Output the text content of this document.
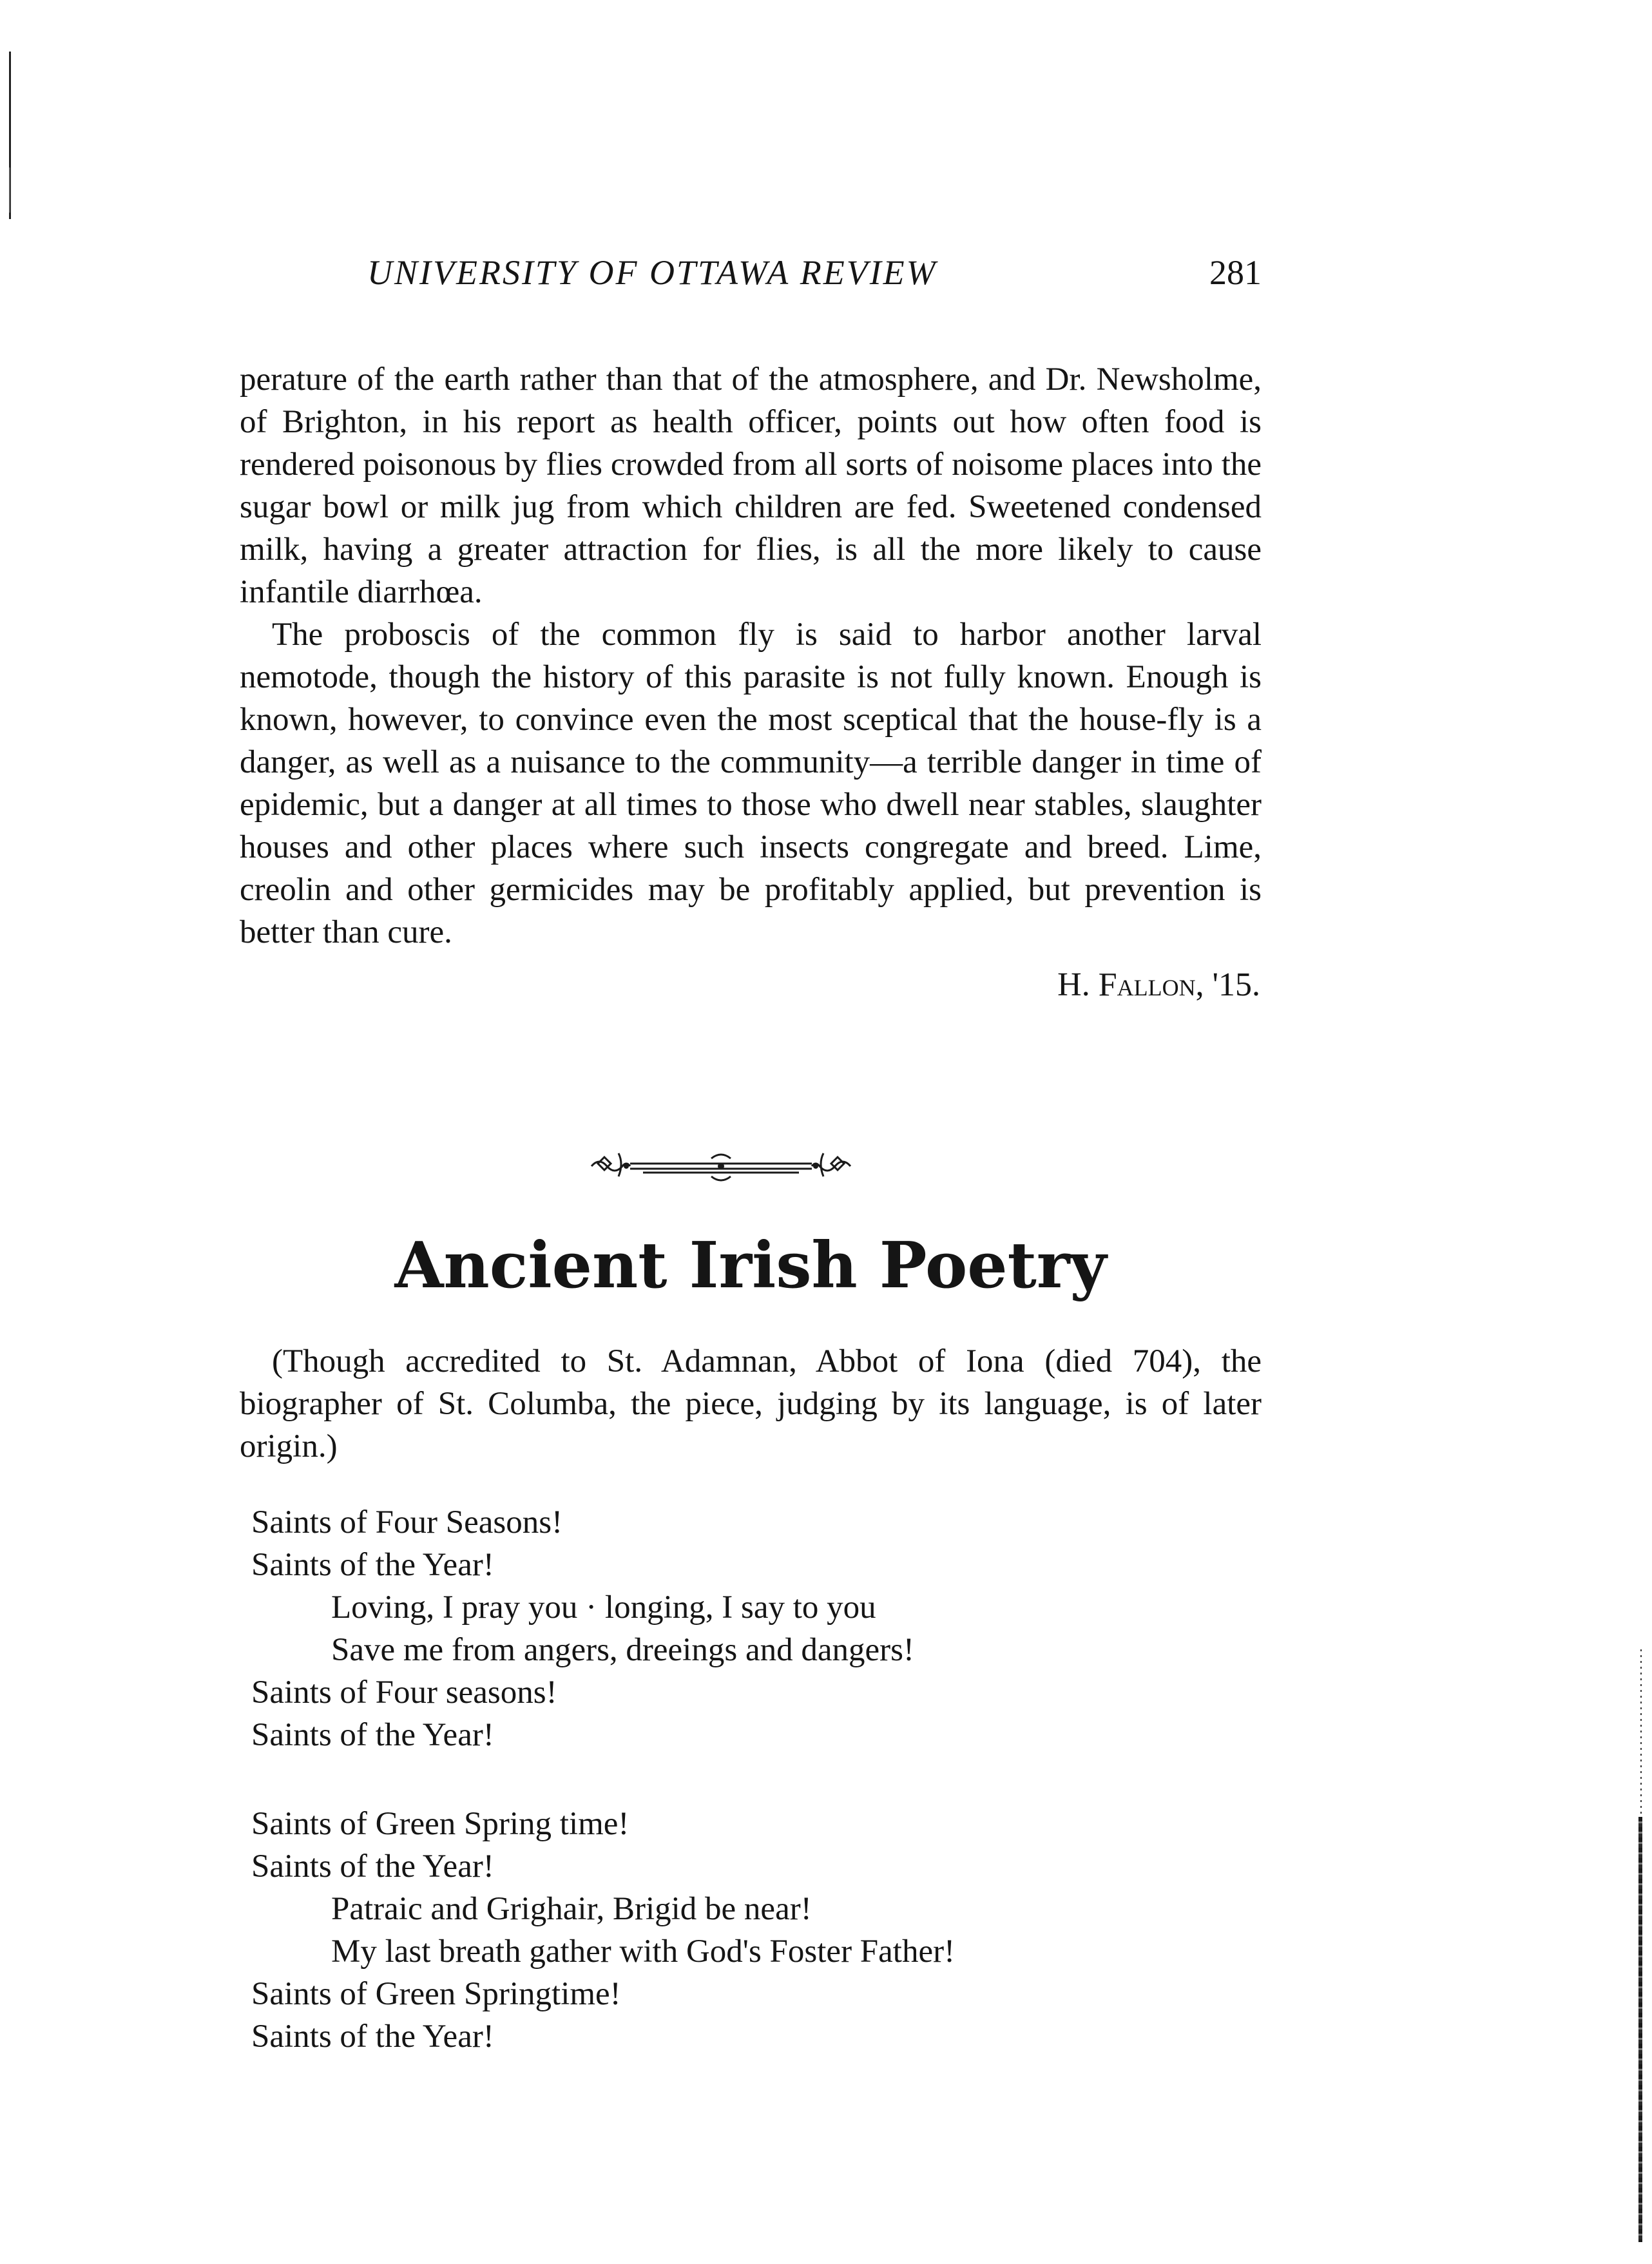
UNIVERSITY OF OTTAWA REVIEW	281

perature of the earth rather than that of the atmosphere, and Dr. Newsholme, of Brighton, in his report as health officer, points out how often food is rendered poisonous by flies crowded from all sorts of noisome places into the sugar bowl or milk jug from which children are fed. Sweetened condensed milk, having a greater attraction for flies, is all the more likely to cause infantile diarrhœa.

The proboscis of the common fly is said to harbor another larval nemotode, though the history of this parasite is not fully known. Enough is known, however, to convince even the most sceptical that the house-fly is a danger, as well as a nuisance to the community—a terrible danger in time of epidemic, but a danger at all times to those who dwell near stables, slaughter houses and other places where such insects congregate and breed. Lime, creolin and other germicides may be profitably applied, but prevention is better than cure.

H. Fallon, '15.
Ancient Irish Poetry

(Though accredited to St. Adamnan, Abbot of Iona (died 704), the biographer of St. Columba, the piece, judging by its language, is of later origin.)

Saints of Four Seasons!
Saints of the Year!
Loving, I pray you · longing, I say to you
Save me from angers, dreeings and dangers!
Saints of Four seasons!
Saints of the Year!
Saints of Green Spring time!
Saints of the Year!
Patraic and Grighair, Brigid be near!
My last breath gather with God's Foster Father!
Saints of Green Springtime!
Saints of the Year!
